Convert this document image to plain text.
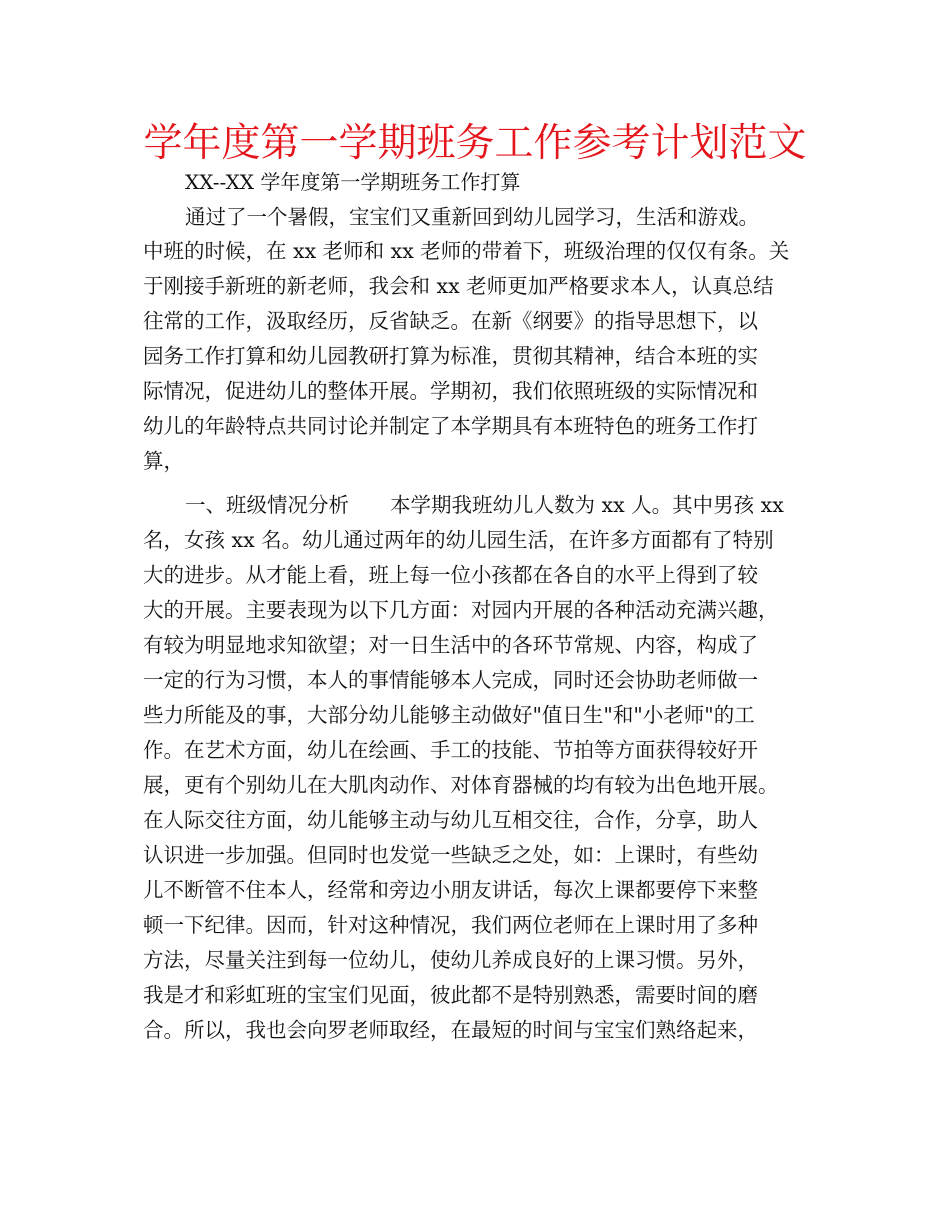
学年度第一学期班务工作参考计划范文
XX--XX 学年度第一学期班务工作打算
通过了一个暑假，宝宝们又重新回到幼儿园学习，生活和游戏。
中班的时候，在 xx 老师和 xx 老师的带着下，班级治理的仅仅有条。关
于刚接手新班的新老师，我会和 xx 老师更加严格要求本人，认真总结
往常的工作，汲取经历，反省缺乏。在新《纲要》的指导思想下，以
园务工作打算和幼儿园教研打算为标准，贯彻其精神，结合本班的实
际情况，促进幼儿的整体开展。学期初，我们依照班级的实际情况和
幼儿的年龄特点共同讨论并制定了本学期具有本班特色的班务工作打
算，
一、班级情况分析　　本学期我班幼儿人数为 xx 人。其中男孩 xx
名，女孩 xx 名。幼儿通过两年的幼儿园生活，在许多方面都有了特别
大的进步。从才能上看，班上每一位小孩都在各自的水平上得到了较
大的开展。主要表现为以下几方面：对园内开展的各种活动充满兴趣，
有较为明显地求知欲望；对一日生活中的各环节常规、内容，构成了
一定的行为习惯，本人的事情能够本人完成，同时还会协助老师做一
些力所能及的事，大部分幼儿能够主动做好"值日生"和"小老师"的工
作。在艺术方面，幼儿在绘画、手工的技能、节拍等方面获得较好开
展，更有个别幼儿在大肌肉动作、对体育器械的均有较为出色地开展。
在人际交往方面，幼儿能够主动与幼儿互相交往，合作，分享，助人
认识进一步加强。但同时也发觉一些缺乏之处，如：上课时，有些幼
儿不断管不住本人，经常和旁边小朋友讲话，每次上课都要停下来整
顿一下纪律。因而，针对这种情况，我们两位老师在上课时用了多种
方法，尽量关注到每一位幼儿，使幼儿养成良好的上课习惯。另外，
我是才和彩虹班的宝宝们见面，彼此都不是特别熟悉，需要时间的磨
合。所以，我也会向罗老师取经，在最短的时间与宝宝们熟络起来，
